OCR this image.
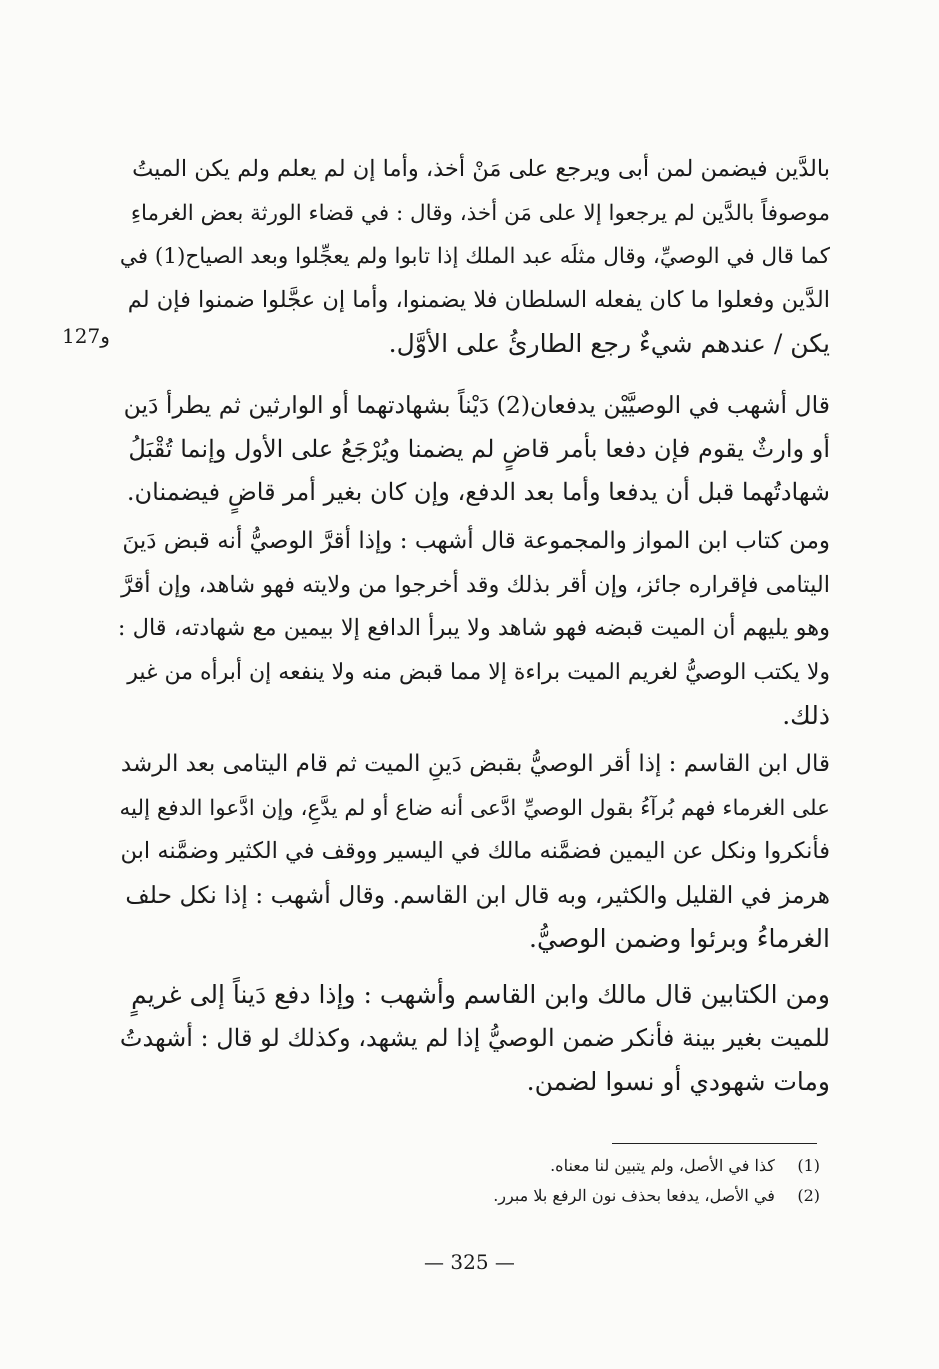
127و
بالدَّين فيضمن لمن أبى ويرجع على مَنْ أخذ، وأما إن لم يعلم ولم يكن الميتُ
موصوفاً بالدَّين لم يرجعوا إلا على مَن أخذ، وقال : في قضاء الورثة بعض الغرماءِ
كما قال في الوصيِّ، وقال مثلَه عبد الملك إذا تابوا ولم يعجِّلوا وبعد الصياح(1) في
الدَّين وفعلوا ما كان يفعله السلطان فلا يضمنوا، وأما إن عجَّلوا ضمنوا فإن لم
يكن / عندهم شيءٌ رجع الطارئُ على الأوَّل.
قال أشهب في الوصيَّيْن يدفعان(2) دَيْناً بشهادتهما أو الوارثين ثم يطرأ دَين
أو وارثٌ يقوم فإن دفعا بأمر قاضٍ لم يضمنا ويُرْجَعُ على الأول وإنما تُقْبَلُ
شهادتُهما قبل أن يدفعا وأما بعد الدفع، وإن كان بغير أمر قاضٍ فيضمنان.
ومن كتاب ابن المواز والمجموعة قال أشهب : وإذا أقرَّ الوصيُّ أنه قبض دَينَ
اليتامى فإقراره جائز، وإن أقر بذلك وقد أخرجوا من ولايته فهو شاهد، وإن أقرَّ
وهو يليهم أن الميت قبضه فهو شاهد ولا يبرأ الدافع إلا بيمين مع شهادته، قال :
ولا يكتب الوصيُّ لغريم الميت براءة إلا مما قبض منه ولا ينفعه إن أبرأه من غير
ذلك.
قال ابن القاسم : إذا أقر الوصيُّ بقبض دَينِ الميت ثم قام اليتامى بعد الرشد
على الغرماء فهم بُرآءُ بقول الوصيِّ ادَّعى أنه ضاع أو لم يدَّعِ، وإن ادَّعوا الدفع إليه
فأنكروا ونكل عن اليمين فضمَّنه مالك في اليسير ووقف في الكثير وضمَّنه ابن
هرمز في القليل والكثير، وبه قال ابن القاسم. وقال أشهب : إذا نكل حلف
الغرماءُ وبرئوا وضمن الوصيُّ.
ومن الكتابين قال مالك وابن القاسم وأشهب : وإذا دفع دَيناً إلى غريمٍ
للميت بغير بينة فأنكر ضمن الوصيُّ إذا لم يشهد، وكذلك لو قال : أشهدتُ
ومات شهودي أو نسوا لضمن.
(1) كذا في الأصل، ولم يتبين لنا معناه.
(2) في الأصل، يدفعا بحذف نون الرفع بلا مبرر.
— 325 —
